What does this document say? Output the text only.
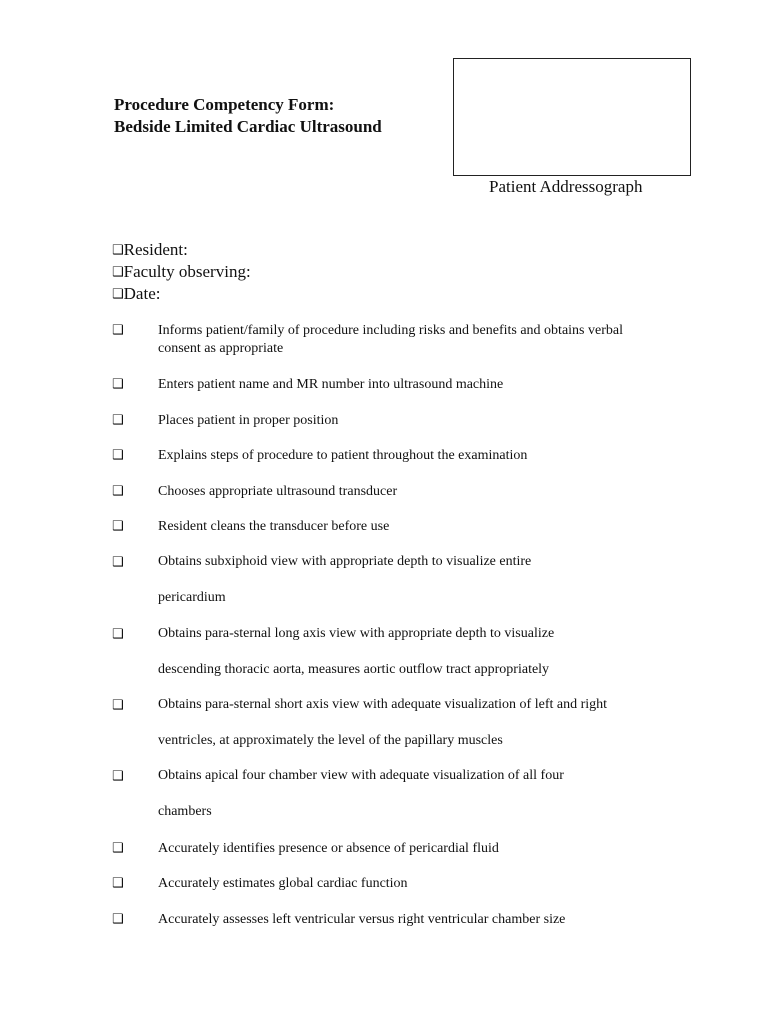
Procedure Competency Form:
Bedside Limited Cardiac Ultrasound
Patient Addressograph
❑Resident:
❑Faculty observing:
❑Date:
❑ Informs patient/family of procedure including risks and benefits and obtains verbal consent as appropriate
❑ Enters patient name and MR number into ultrasound machine
❑ Places patient in proper position
❑ Explains steps of procedure to patient throughout the examination
❑ Chooses appropriate ultrasound transducer
❑ Resident cleans the transducer before use
❑ Obtains subxiphoid view with appropriate depth to visualize entire pericardium
❑ Obtains para-sternal long axis view with appropriate depth to visualize descending thoracic aorta, measures aortic outflow tract appropriately
❑ Obtains para-sternal short axis view with adequate visualization of left and right ventricles, at approximately the level of the papillary muscles
❑ Obtains apical four chamber view with adequate visualization of all four chambers
❑ Accurately identifies presence or absence of pericardial fluid
❑ Accurately estimates global cardiac function
❑ Accurately assesses left ventricular versus right ventricular chamber size
